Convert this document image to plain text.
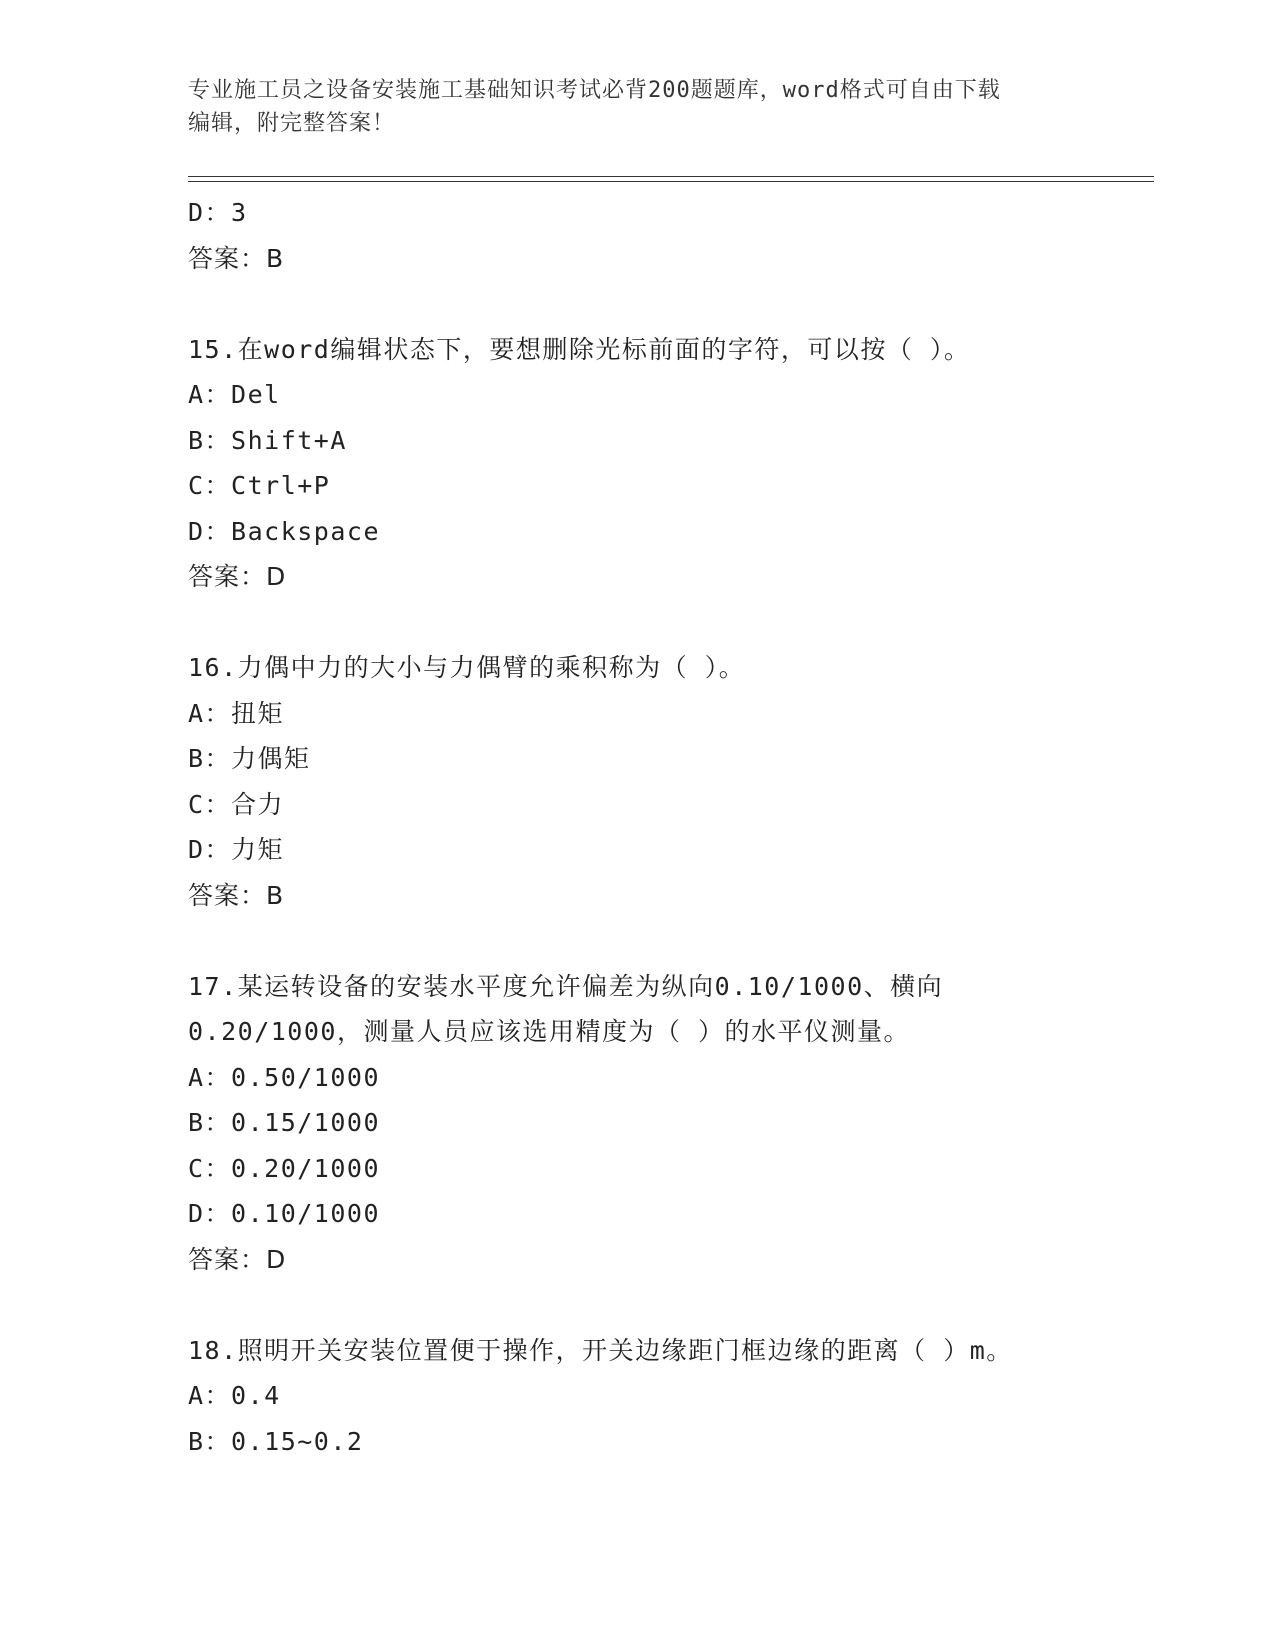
专业施工员之设备安装施工基础知识考试必背200题题库，word格式可自由下载
编辑，附完整答案！
D：3
答案：B
15.在word编辑状态下，要想删除光标前面的字符，可以按（ ）。
A：Del
B：Shift+A
C：Ctrl+P
D：Backspace
答案：D
16.力偶中力的大小与力偶臂的乘积称为（ ）。
A：扭矩
B：力偶矩
C：合力
D：力矩
答案：B
17.某运转设备的安装水平度允许偏差为纵向0.10/1000、横向
0.20/1000，测量人员应该选用精度为（ ）的水平仪测量。
A：0.50/1000
B：0.15/1000
C：0.20/1000
D：0.10/1000
答案：D
18.照明开关安装位置便于操作，开关边缘距门框边缘的距离（ ）m。
A：0.4
B：0.15~0.2
